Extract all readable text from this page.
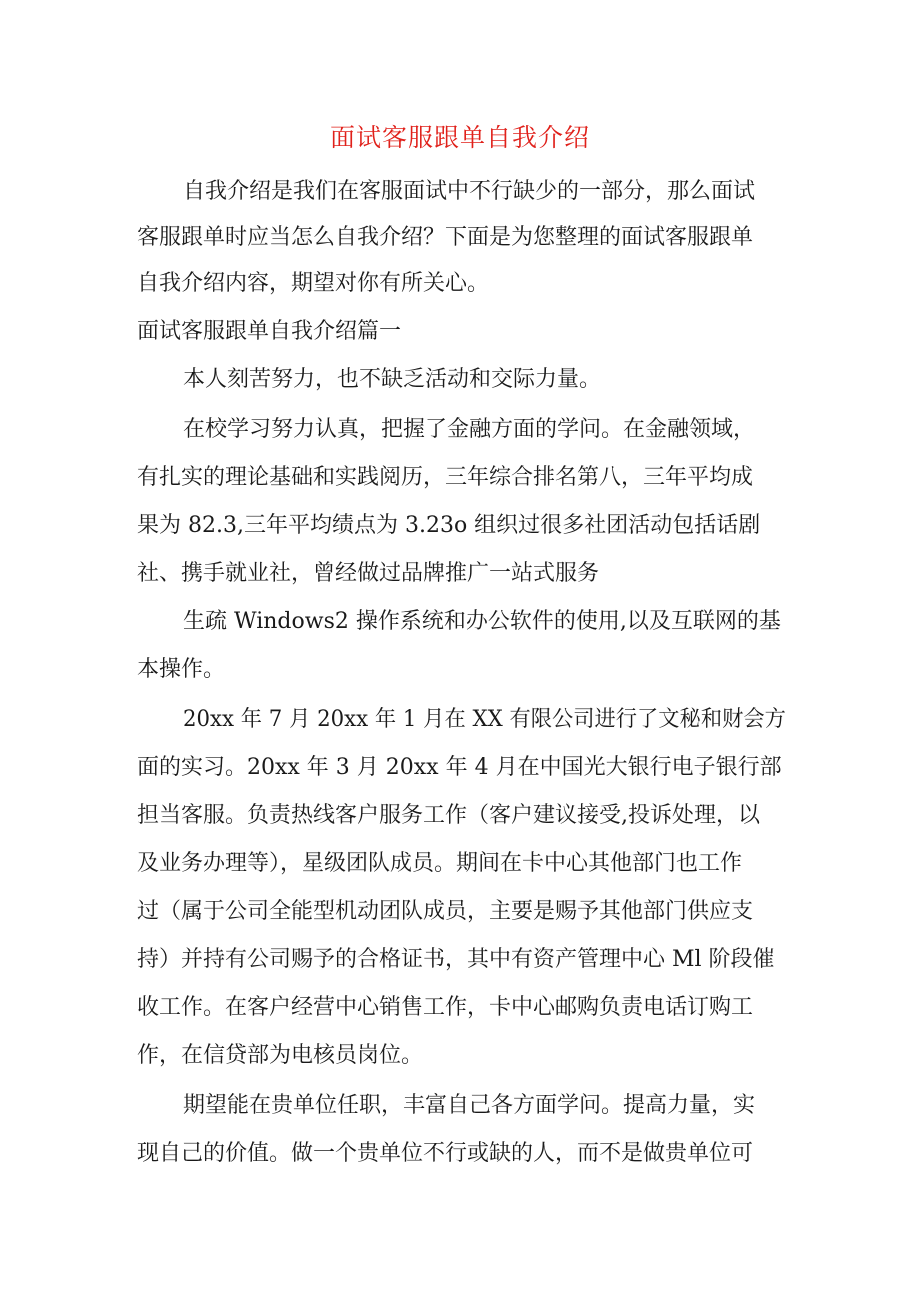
面试客服跟单自我介绍
自我介绍是我们在客服面试中不行缺少的一部分，那么面试
客服跟单时应当怎么自我介绍？下面是为您整理的面试客服跟单
自我介绍内容，期望对你有所关心。
面试客服跟单自我介绍篇一
本人刻苦努力，也不缺乏活动和交际力量。
在校学习努力认真，把握了金融方面的学问。在金融领域，
有扎实的理论基础和实践阅历，三年综合排名第八，三年平均成
果为 82.3,三年平均绩点为 3.23o 组织过很多社团活动包括话剧
社、携手就业社，曾经做过品牌推广一站式服务
生疏 Windows2 操作系统和办公软件的使用,以及互联网的基
本操作。
20xx 年 7 月 20xx 年 1 月在 XX 有限公司进行了文秘和财会方
面的实习。20xx 年 3 月 20xx 年 4 月在中国光大银行电子银行部
担当客服。负责热线客户服务工作（客户建议接受,投诉处理，以
及业务办理等），星级团队成员。期间在卡中心其他部门也工作
过（属于公司全能型机动团队成员，主要是赐予其他部门供应支
持）并持有公司赐予的合格证书，其中有资产管理中心 Ml 阶段催
收工作。在客户经营中心销售工作，卡中心邮购负责电话订购工
作，在信贷部为电核员岗位。
期望能在贵单位任职，丰富自己各方面学问。提高力量，实
现自己的价值。做一个贵单位不行或缺的人，而不是做贵单位可
